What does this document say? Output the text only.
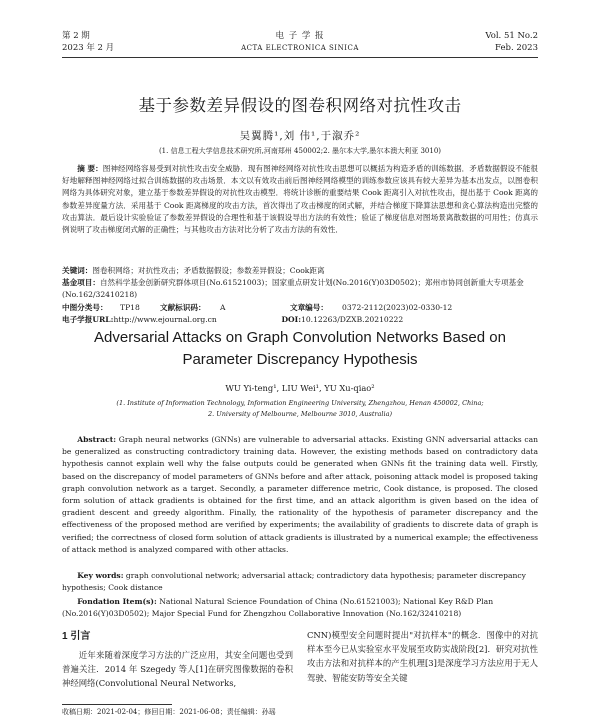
第 2 期	电 子 学 报	Vol. 51 No.2
2023 年 2 月	ACTA ELECTRONICA SINICA	Feb. 2023
基于参数差异假设的图卷积网络对抗性攻击
吴翼腾¹,刘 伟¹,于溆乔²
(1. 信息工程大学信息技术研究所,河南郑州 450002;2. 墨尔本大学,墨尔本澳大利亚 3010)
摘 要：图神经网络容易受到对抗性攻击安全威胁．现有图神经网络对抗性攻击思想可以概括为构造矛盾的训练数据．矛盾数据假设不能很好地解释图神经网络过拟合训练数据的攻击场景．本文以有效攻击前后图神经网络模型的训练参数应该具有较大差异为基本出发点，以图卷积网络为具体研究对象，建立基于参数差异假设的对抗性攻击模型．将统计诊断的重要结果 Cook 距离引入对抗性攻击，提出基于 Cook 距离的参数差异度量方法．采用基于 Cook 距离梯度的攻击方法，首次得出了攻击梯度的闭式解，并结合梯度下降算法思想和贪心算法构造出完整的攻击算法．最后设计实验验证了参数差异假设的合理性和基于该假设导出方法的有效性；验证了梯度信息对图场景离散数据的可用性；仿真示例说明了攻击梯度闭式解的正确性；与其他攻击方法对比分析了攻击方法的有效性．
关键词：图卷积网络；对抗性攻击；矛盾数据假设；参数差异假设；Cook距离
基金项目：自然科学基金创新研究群体项目(No.61521003)；国家重点研发计划(No.2016(Y)03D0502)；郑州市协同创新重大专项基金(No.162/32410218)
中图分类号：	TP18	文献标识码：	A	文章编号：	0372-2112(2023)02-0330-12
电子学报URL: http://www.ejournal.org.cn	DOI: 10.12263/DZXB.20210222
Adversarial Attacks on Graph Convolution Networks Based on
Parameter Discrepancy Hypothesis
WU Yi-teng¹, LIU Wei¹, YU Xu-qiao²
(1. Institute of Information Technology, Information Engineering University, Zhengzhou, Henan 450002, China;
2. University of Melbourne, Melbourne 3010, Australia)
Abstract: Graph neural networks (GNNs) are vulnerable to adversarial attacks. Existing GNN adversarial attacks can be generalized as constructing contradictory training data. However, the existing methods based on contradictory data hypothesis cannot explain well why the false outputs could be generated when GNNs fit the training data well. Firstly, based on the discrepancy of model parameters of GNNs before and after attack, poisoning attack model is proposed taking graph convolution network as a target. Secondly, a parameter difference metric, Cook distance, is proposed. The closed form solution of attack gradients is obtained for the first time, and an attack algorithm is given based on the idea of gradient descent and greedy algorithm. Finally, the rationality of the hypothesis of parameter discrepancy and the effectiveness of the proposed method are verified by experiments; the availability of gradients to discrete data of graph is verified; the correctness of closed form solution of attack gradients is illustrated by a numerical example; the effectiveness of attack method is analyzed compared with other attacks.
Key words: graph convolutional network; adversarial attack; contradictory data hypothesis; parameter discrepancy hypothesis; Cook distance
Fondation Item(s): National Natural Science Foundation of China (No.61521003); National Key R&D Plan (No.2016(Y)03D0502); Major Special Fund for Zhengzhou Collaborative Innovation (No.162/32410218)
1 引言
近年来随着深度学习方法的广泛应用，其安全问题也受到普遍关注．2014 年 Szegedy 等人[1]在研究图像数据的卷积神经网络(Convolutional Neural Networks,
CNN)模型安全问题时提出"对抗样本"的概念．图像中的对抗样本至今已从实验室水平发展至攻防实战阶段[2]．研究对抗性攻击方法和对抗样本的产生机理[3]是深度学习方法应用于无人驾驶、智能安防等安全关键
收稿日期：2021-02-04；修回日期：2021-06-08；责任编辑：孙瑶
